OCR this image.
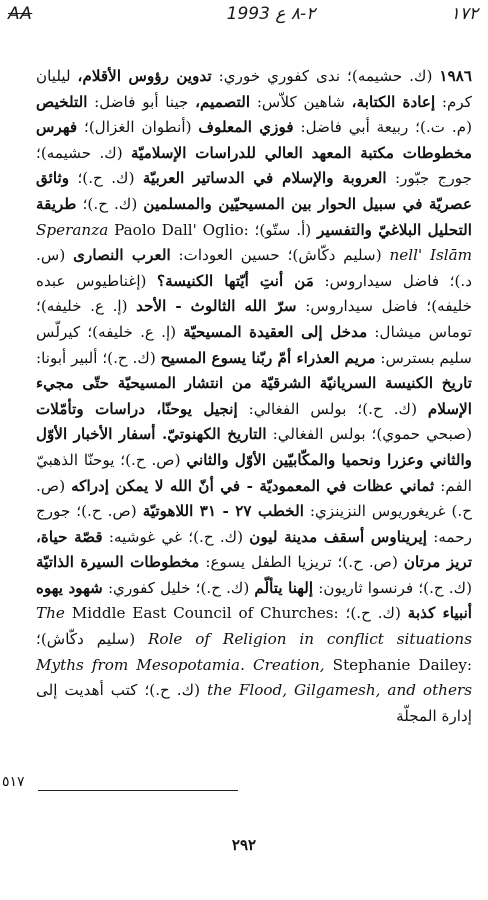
AA	٢-٨ ع 1993	١٧٢
١٩٨٦ (ك. حشيمه)؛ ندى كفوري خوري: تدوين رؤوس الأقلام، ليليان كرم: إعادة الكتابة، شاهين كلاّس: التصميم، جينا أبو فاضل: التلخيص (م. ت.)؛ ربيعة أبي فاضل: فوزي المعلوف (أنطوان الغزال)؛ فهرس مخطوطات مكتبة المعهد العالي للدراسات الإسلاميّة (ك. حشيمه)؛ جورج جبّور: العروبة والإسلام في الدساتير العربيّة (ك. ح.)؛ وثائق عصريّة في سبيل الحوار بين المسيحيّين والمسلمين (ك. ح.)؛ طريقة التحليل البلاغيّ والتفسير (أ. ستّو)؛ Paolo Dall' Oglio: Speranza nell' Islām (سليم دكّاش)؛ حسين العودات: العرب النصارى (س. د.)؛ فاضل سيداروس: مَن أنتِ أيّتها الكنيسة؟ (إغناطيوس عبده خليفه)؛ فاضل سيداروس: سرّ الله الثالوث - الأحد (إ. ع. خليفه)؛ توماس ميشال: مدخل إلى العقيدة المسيحيّة (إ. ع. خليفه)؛ كيرلّس سليم بسترس: مريم العذراء أمّ ربّنا يسوع المسيح (ك. ح.)؛ ألبير أبونا: تاريخ الكنيسة السريانيّة الشرقيّة من انتشار المسيحيّة حتّى مجيء الإسلام (ك. ح.)؛ بولس الفغالي: إنجيل يوحنّا، دراسات وتأمّلات (صبحي حموي)؛ بولس الفغالي: التاريخ الكهنوتيّ. أسفار الأخبار الأوّل والثاني وعزرا ونحميا والمكّابيّين الأوّل والثاني (ص. ح.)؛ يوحنّا الذهبيّ الفم: ثماني عظات في المعموديّة - في أنّ الله لا يمكن إدراكه (ص. ح.) غريغوريوس النزينزي: الخطب ٢٧ - ٣١ اللاهوتيّة (ص. ح.)؛ جورج رحمه: إيريناوس أسقف مدينة ليون (ك. ح.)؛ غي غوشيه: قصّة حياة، تريز مرتان (ص. ح.)؛ تريزيا الطفل يسوع: مخطوطات السيرة الذاتيّة (ك. ح.)؛ فرنسوا ثاريون: إلهنا يتألّم (ك. ح.)؛ خليل كفوري: شهود يهوه أنبياء كذبة (ك. ح.)؛ Middle East Council of Churches: The Role of Religion in conflict situations (سليم دكّاش)؛ Stephanie Dailey: Myths from Mesopotamia. Creation, the Flood, Gilgamesh, and others (ك. ح.)؛ كتب أهديت إلى إدارة المجلّة
٥١٧
٢٩٢
